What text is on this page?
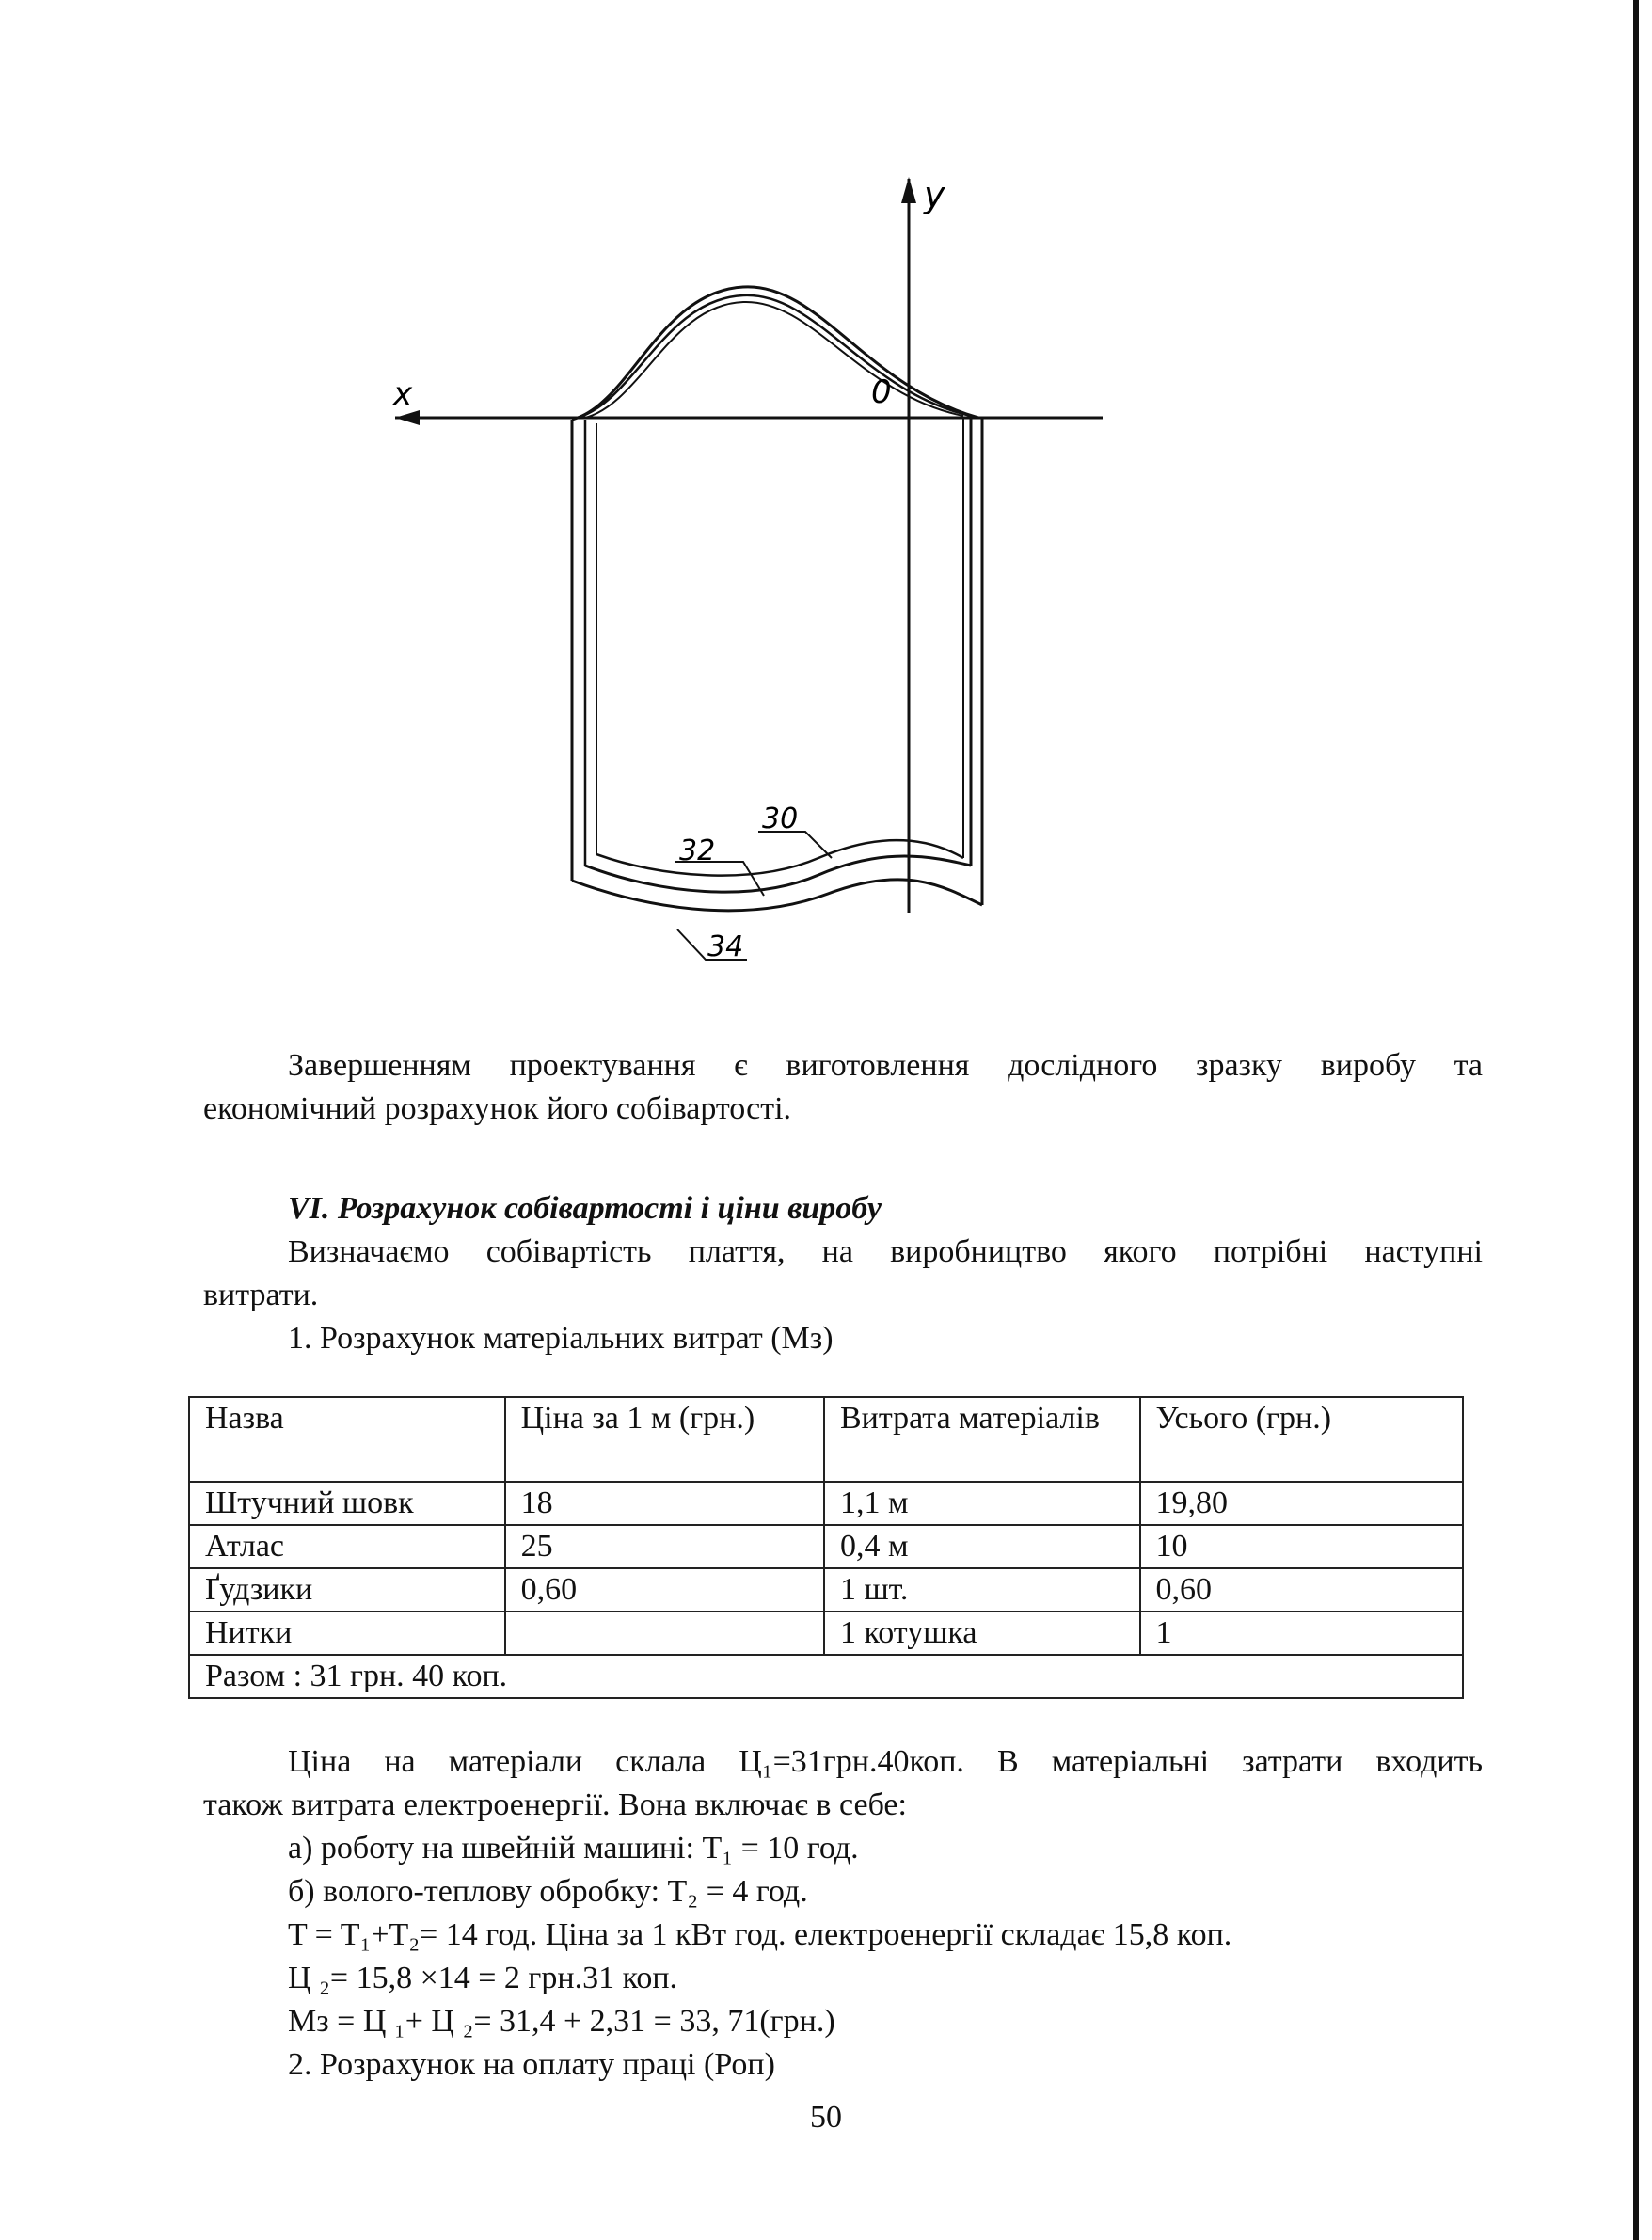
x
y
0
30
32
34
Завершенням проектування є виготовлення дослідного зразку виробу та
економічний розрахунок його собівартості.
VI. Розрахунок собівартості і ціни виробу
Визначаємо собівартість плаття, на виробництво якого потрібні наступні
витрати.
1. Розрахунок матеріальних витрат (Мз)
Назва	Ціна за 1 м (грн.)	Витрата матеріалів	Усього (грн.)
Штучний шовк	18	1,1 м	19,80
Атлас	25	0,4 м	10
Ґудзики	0,60	1 шт.	0,60
Нитки		1 котушка	1
Разом : 31 грн. 40 коп.			
Ціна на матеріали склала Ц₁=31грн.40коп. В матеріальні затрати входить
також витрата електроенергії. Вона включає в себе:
а) роботу на швейній машині: T₁ = 10 год.
б) волого-теплову обробку: T₂ = 4 год.
T = T₁+T₂= 14 год. Ціна за 1 кВт год. електроенергії складає 15,8 коп.
Ц ₂= 15,8 ×14 = 2 грн.31 коп.
Мз = Ц ₁+ Ц ₂= 31,4 + 2,31 = 33, 71(грн.)
2. Розрахунок на оплату праці (Роп)
50
